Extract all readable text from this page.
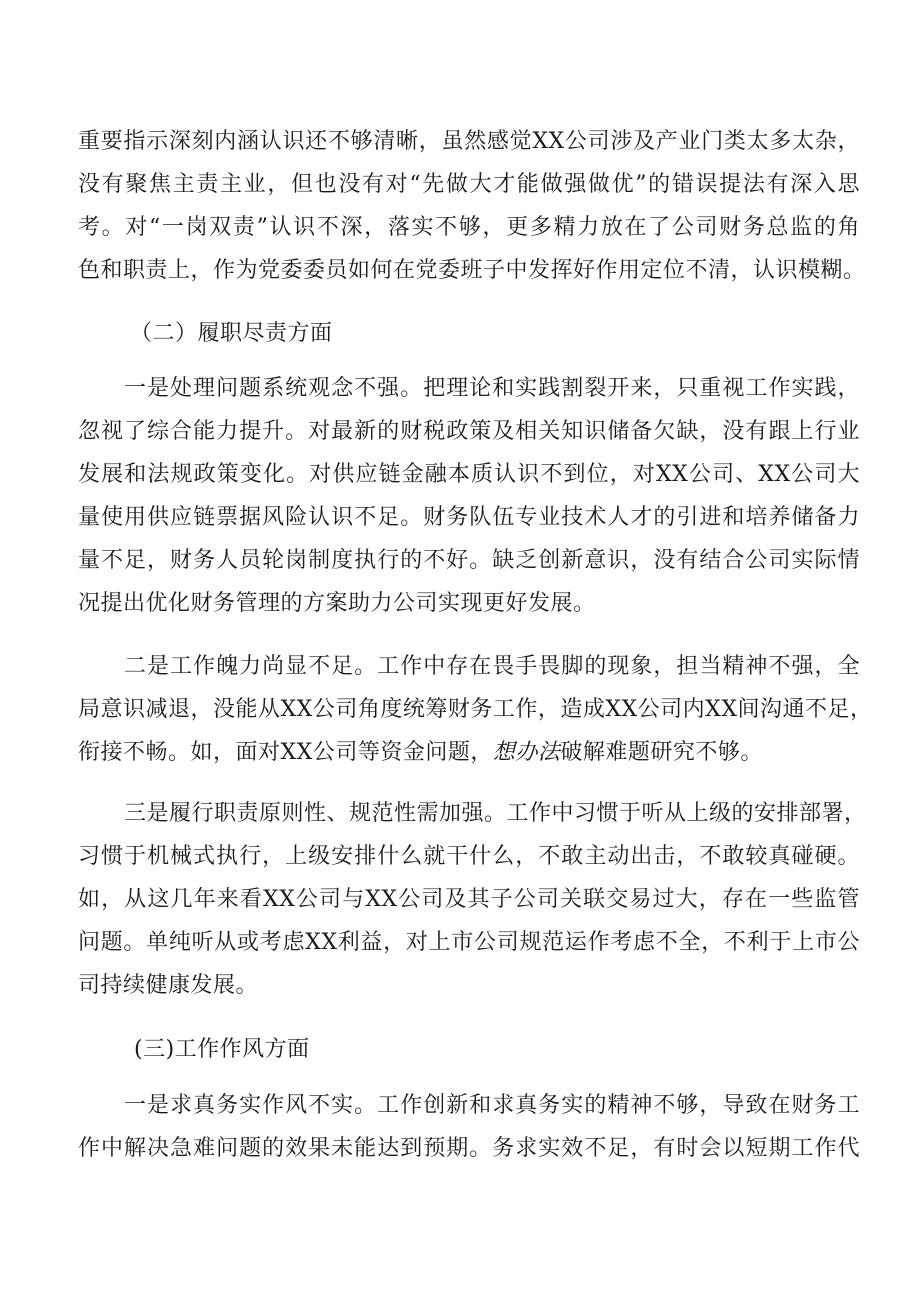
重要指示深刻内涵认识还不够清晰，虽然感觉XX公司涉及产业门类太多太杂，
没有聚焦主责主业，但也没有对“先做大才能做强做优”的错误提法有深入思
考。对“一岗双责”认识不深，落实不够，更多精力放在了公司财务总监的角
色和职责上，作为党委委员如何在党委班子中发挥好作用定位不清，认识模糊。
（二）履职尽责方面
一是处理问题系统观念不强。把理论和实践割裂开来，只重视工作实践，
忽视了综合能力提升。对最新的财税政策及相关知识储备欠缺，没有跟上行业
发展和法规政策变化。对供应链金融本质认识不到位，对XX公司、XX公司大
量使用供应链票据风险认识不足。财务队伍专业技术人才的引进和培养储备力
量不足，财务人员轮岗制度执行的不好。缺乏创新意识，没有结合公司实际情
况提出优化财务管理的方案助力公司实现更好发展。
二是工作魄力尚显不足。工作中存在畏手畏脚的现象，担当精神不强，全
局意识减退，没能从XX公司角度统筹财务工作，造成XX公司内XX间沟通不足，
衔接不畅。如，面对XX公司等资金问题，想办法破解难题研究不够。
三是履行职责原则性、规范性需加强。工作中习惯于听从上级的安排部署，
习惯于机械式执行，上级安排什么就干什么，不敢主动出击，不敢较真碰硬。
如，从这几年来看XX公司与XX公司及其子公司关联交易过大，存在一些监管
问题。单纯听从或考虑XX利益，对上市公司规范运作考虑不全，不利于上市公
司持续健康发展。
(三)工作作风方面
一是求真务实作风不实。工作创新和求真务实的精神不够，导致在财务工
作中解决急难问题的效果未能达到预期。务求实效不足，有时会以短期工作代
